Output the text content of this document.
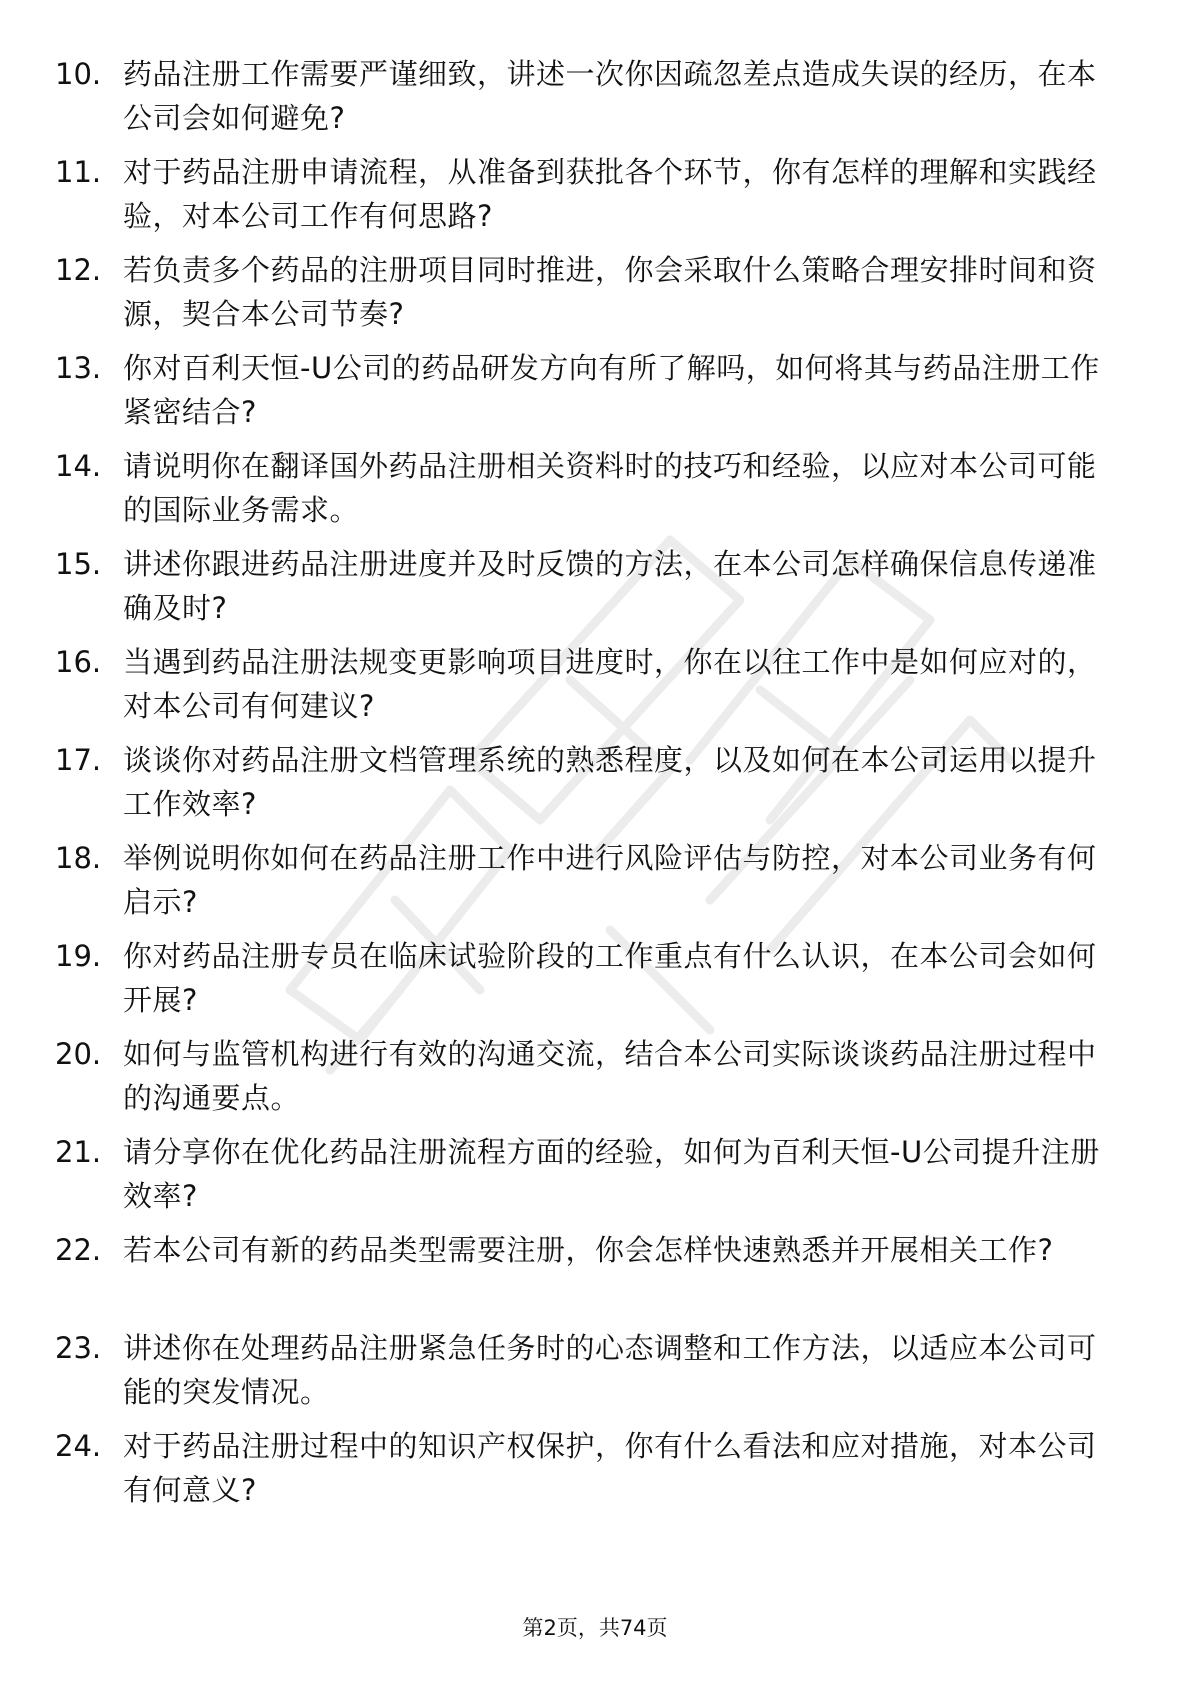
10. 药品注册工作需要严谨细致，讲述一次你因疏忽差点造成失误的经历，在本公司会如何避免?
11. 对于药品注册申请流程，从准备到获批各个环节，你有怎样的理解和实践经验，对本公司工作有何思路?
12. 若负责多个药品的注册项目同时推进，你会采取什么策略合理安排时间和资源，契合本公司节奏?
13. 你对百利天恒-U公司的药品研发方向有所了解吗，如何将其与药品注册工作紧密结合?
14. 请说明你在翻译国外药品注册相关资料时的技巧和经验，以应对本公司可能的国际业务需求。
15. 讲述你跟进药品注册进度并及时反馈的方法，在本公司怎样确保信息传递准确及时?
16. 当遇到药品注册法规变更影响项目进度时，你在以往工作中是如何应对的，对本公司有何建议?
17. 谈谈你对药品注册文档管理系统的熟悉程度，以及如何在本公司运用以提升工作效率?
18. 举例说明你如何在药品注册工作中进行风险评估与防控，对本公司业务有何启示?
19. 你对药品注册专员在临床试验阶段的工作重点有什么认识，在本公司会如何开展?
20. 如何与监管机构进行有效的沟通交流，结合本公司实际谈谈药品注册过程中的沟通要点。
21. 请分享你在优化药品注册流程方面的经验，如何为百利天恒-U公司提升注册效率?
22. 若本公司有新的药品类型需要注册，你会怎样快速熟悉并开展相关工作?
23. 讲述你在处理药品注册紧急任务时的心态调整和工作方法，以适应本公司可能的突发情况。
24. 对于药品注册过程中的知识产权保护，你有什么看法和应对措施，对本公司有何意义?
第2页，共74页
